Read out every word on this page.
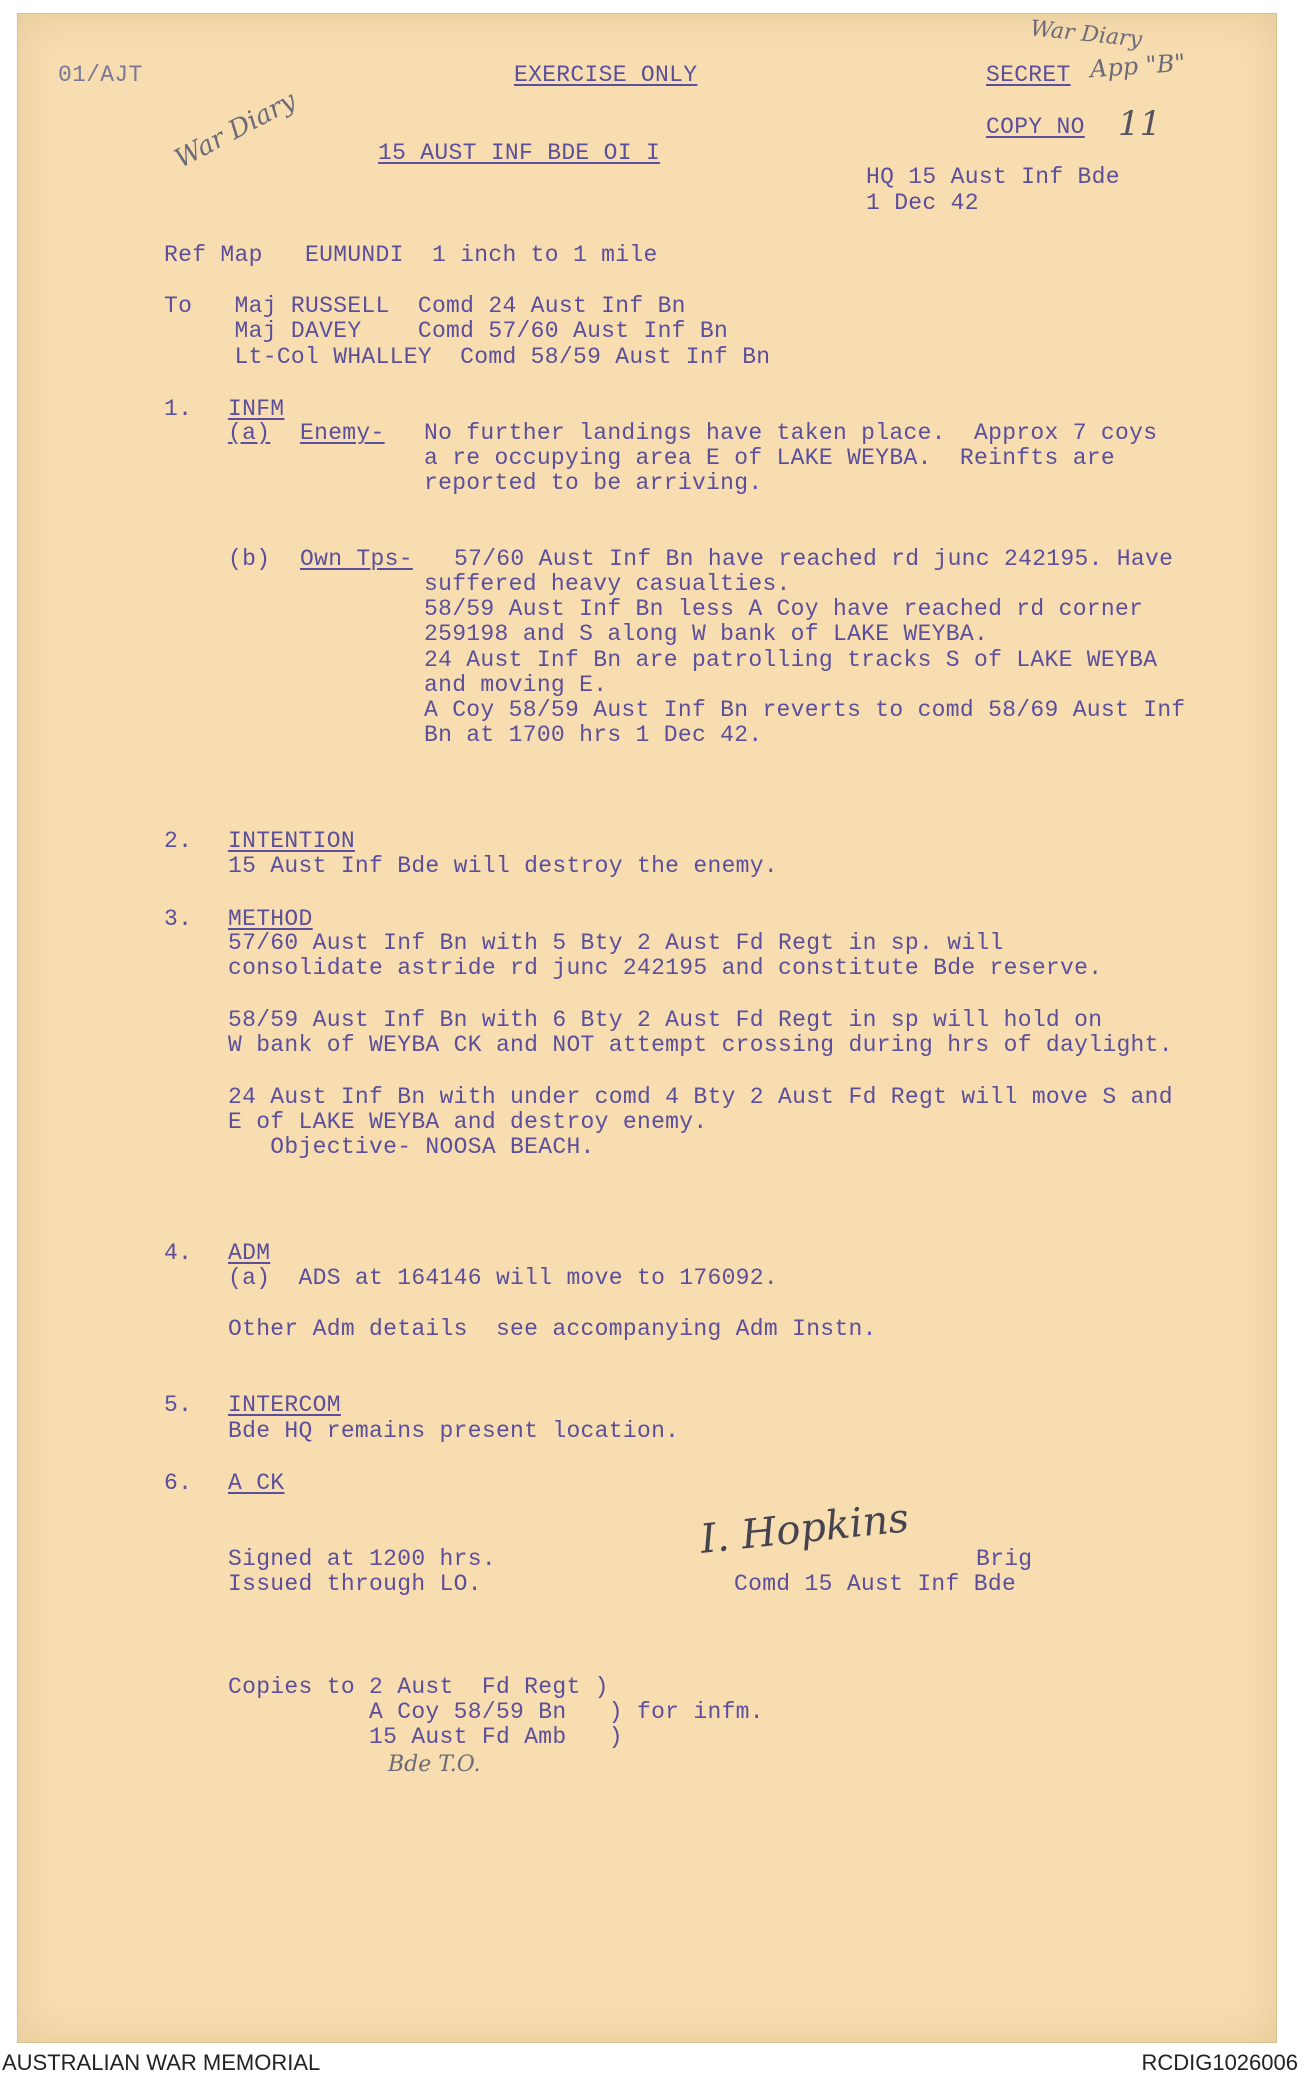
01/AJT	EXERCISE ONLY	SECRET
COPY NO 11
15 AUST INF BDE OI I
HQ 15 Aust Inf Bde
1 Dec 42
War Diary
War Diary
App "B"
Ref Map   EUMUNDI  1 inch to 1 mile
To   Maj RUSSELL  Comd 24 Aust Inf Bn
Maj DAVEY    Comd 57/60 Aust Inf Bn
Lt-Col WHALLEY  Comd 58/59 Aust Inf Bn
1. INFM
(a) Enemy- No further landings have taken place.  Approx 7 coys
a re occupying area E of LAKE WEYBA.  Reinfts are
reported to be arriving.
(b) Own Tps- 57/60 Aust Inf Bn have reached rd junc 242195. Have
suffered heavy casualties.
58/59 Aust Inf Bn less A Coy have reached rd corner
259198 and S along W bank of LAKE WEYBA.
24 Aust Inf Bn are patrolling tracks S of LAKE WEYBA
and moving E.
A Coy 58/59 Aust Inf Bn reverts to comd 58/69 Aust Inf
Bn at 1700 hrs 1 Dec 42.
2. INTENTION
15 Aust Inf Bde will destroy the enemy.
3. METHOD
57/60 Aust Inf Bn with 5 Bty 2 Aust Fd Regt in sp. will
consolidate astride rd junc 242195 and constitute Bde reserve.
58/59 Aust Inf Bn with 6 Bty 2 Aust Fd Regt in sp will hold on
W bank of WEYBA CK and NOT attempt crossing during hrs of daylight.
24 Aust Inf Bn with under comd 4 Bty 2 Aust Fd Regt will move S and
E of LAKE WEYBA and destroy enemy.
Objective- NOOSA BEACH.
4. ADM
(a)  ADS at 164146 will move to 176092.
Other Adm details  see accompanying Adm Instn.
5. INTERCOM
Bde HQ remains present location.
6. A CK
Signed at 1200 hrs.
Issued through LO.
I. Hopkins	Brig
Comd 15 Aust Inf Bde
Copies to 2 Aust  Fd Regt )
A Coy 58/59 Bn   ) for infm.
15 Aust Fd Amb   )
Bde T.O.
AUSTRALIAN WAR MEMORIAL	RCDIG1026006
